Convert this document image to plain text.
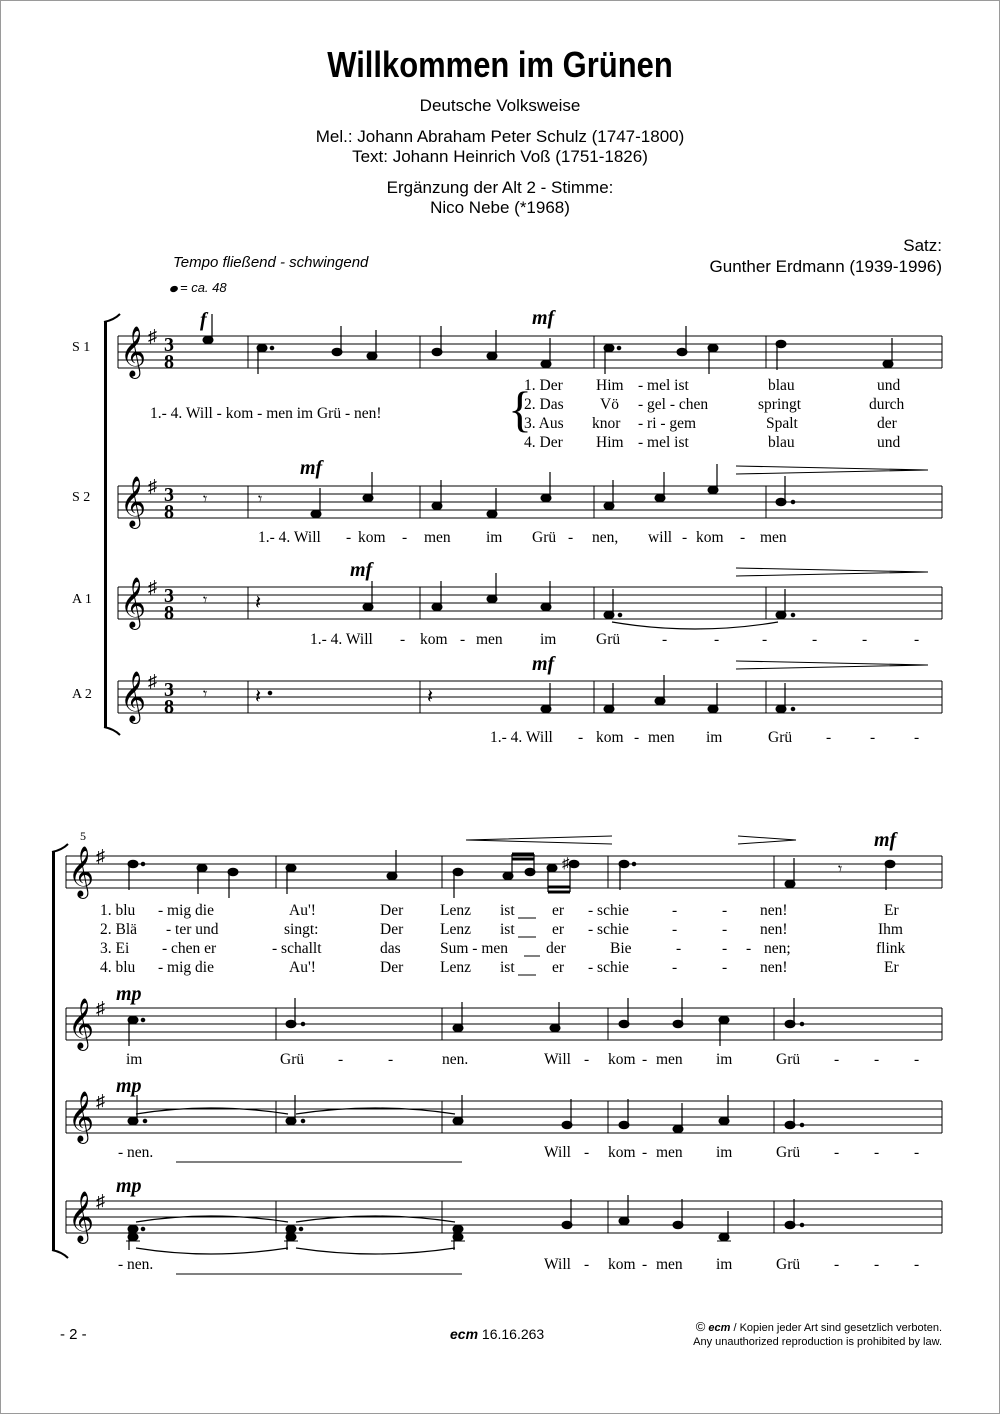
Willkommen im Grünen
Deutsche Volksweise
Mel.: Johann Abraham Peter Schulz (1747-1800)
Text: Johann Heinrich Voß (1751-1826)
Ergänzung der Alt 2 - Stimme:
Nico Nebe (*1968)
Satz:
Gunther Erdmann (1939-1996)
Tempo fließend - schwingend
= ca. 48
𝄞
𝄞
𝄞
𝄞
♯
♯
♯
♯
3
8
3
8
3
8
3
8
f	mf
mf
mf
mf
𝄾	𝄾
𝄾 𝄽
𝄾 𝄽	𝄽
{
S 1
S 2
A 1
A 2
1.- 4. Will - kom - men im Grü - nen!
1. Der Him - mel ist	blau	und
2. Das Vö - gel - chen	springt	durch
3. Aus knor - ri - gem	Spalt	der
4. Der Him - mel ist	blau	und
1.- 4. Will - kom - men im Grü - nen, will - kom - men
1.- 4. Will - kom - men im	Grü	-	-	-	-	-	-
1.- 4. Will - kom - men im	Grü -	-	-
5
𝄞
𝄞
𝄞
𝄞
♯
♯
♯
♯
mf
mp
mp
mp
𝄾
♯
1. blu - mig die	Au'!	Der Lenz ist er - schie	-	- nen!	Er
2. Blä - ter und	singt:	Der Lenz ist er - schie	-	- nen!	Ihm
3. Ei - chen er	- schallt	das	Sum - men der	Bie	-	- - nen;	flink
4. blu - mig die	Au'!	Der Lenz ist er - schie	-	- nen!	Er
im	Grü -	-	nen.	Will - kom - men im	Grü - - -
- nen.	Will - kom - men im	Grü - - -
- nen.	Will - kom - men im	Grü - - -
- 2 -	ecm 16.16.263	© ecm / Kopien jeder Art sind gesetzlich verboten.
Any unauthorized reproduction is prohibited by law.
